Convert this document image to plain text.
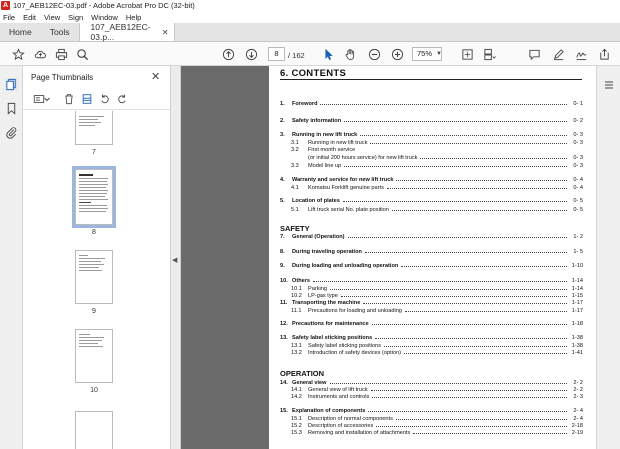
A 107_AEB12EC-03.pdf - Adobe Acrobat Pro DC (32-bit)
File Edit View Sign Window Help
Home Tools 107_AEB12EC-03.p...	✕
8	/ 162	75% ▼
Page Thumbnails	✕
7
8
9
10
◀
6. CONTENTS
1.	Foreword	0- 1
2.	Safety information	0- 2
3.	Running in new lift truck	0- 3
3.1	Running in new lift truck	0- 3
3.2	First month service
(or initial 200 hours service) for new lift truck	0- 3
3.3	Model line up	0- 3
4.	Warranty and service for new lift truck	0- 4
4.1	Komatsu Forklift genuine parts	0- 4
5.	Location of plates	0- 5
5.1	Lift truck serial No. plate position	0- 5
SAFETY
7.	General (Operation)	1- 2
8.	During traveling operation	1- 5
9.	During loading and unloading operation	1-10
10. Others	1-14
10.1	Parking	1-14
10.2	LP-gas type	1-15
11. Transporting the machine	1-17
11.1	Precautions for loading and unloading	1-17
12. Precautions for maintenance	1-18
13. Safety label sticking positions	1-38
13.1	Safety label sticking positions	1-38
13.2	Introduction of safety devices (option)	1-41
OPERATION
14. General view	2- 2
14.1	General view of lift truck	2- 2
14.2	Instruments and controls	2- 3
15. Explanation of components	2- 4
15.1	Description of normal components	2- 4
15.2	Description of accessories	2-18
15.3	Removing and installation of attachments	2-19
